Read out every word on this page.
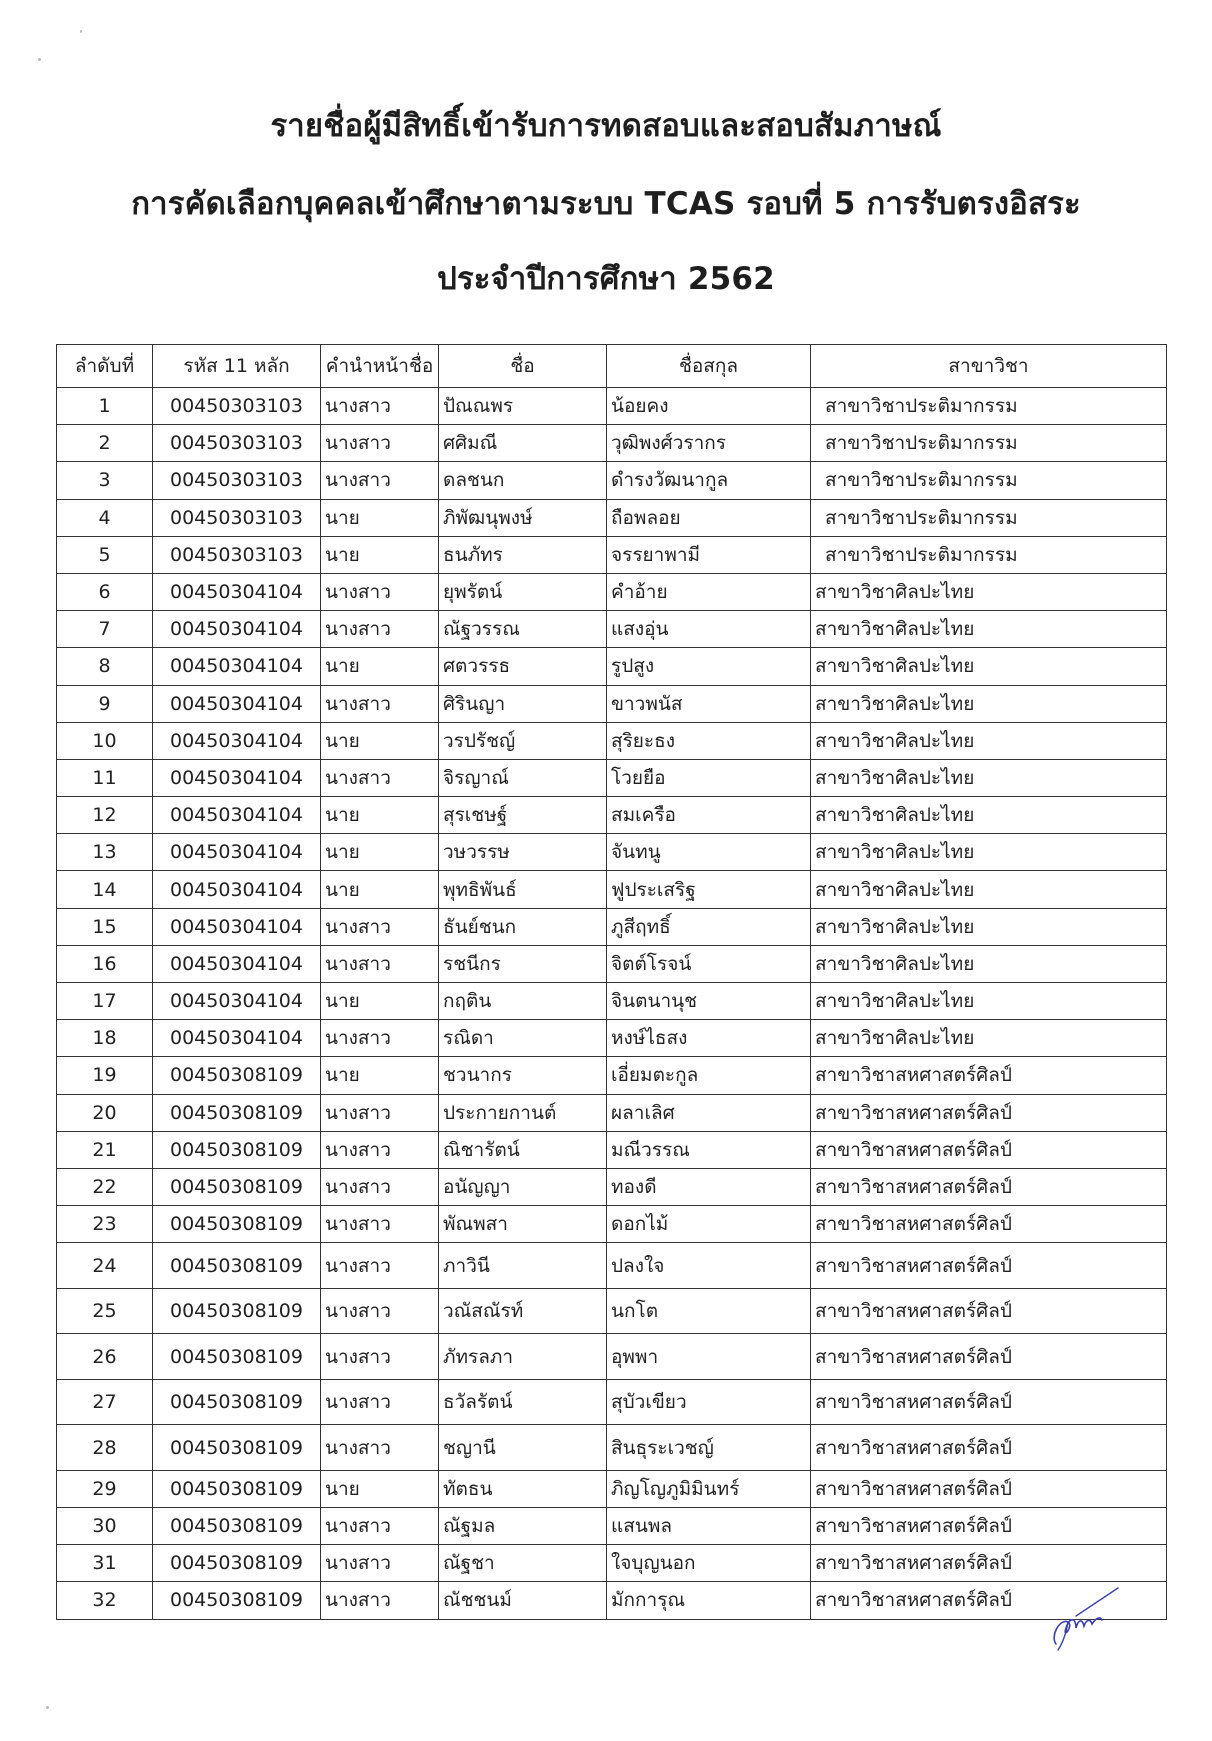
รายชื่อผู้มีสิทธิ์เข้ารับการทดสอบและสอบสัมภาษณ์
การคัดเลือกบุคคลเข้าศึกษาตามระบบ TCAS รอบที่ 5 การรับตรงอิสระ
ประจำปีการศึกษา 2562
ลำดับที่	รหัส 11 หลัก	คำนำหน้าชื่อ	ชื่อ	ชื่อสกุล	สาขาวิชา
1	00450303103	นางสาว	ปัณณพร	น้อยคง	สาขาวิชาประติมากรรม
2	00450303103	นางสาว	ศศิมณี	วุฒิพงศ์วรากร	สาขาวิชาประติมากรรม
3	00450303103	นางสาว	ดลชนก	ดำรงวัฒนากูล	สาขาวิชาประติมากรรม
4	00450303103	นาย	ภิพัฒนุพงษ์	ถือพลอย	สาขาวิชาประติมากรรม
5	00450303103	นาย	ธนภัทร	จรรยาพามี	สาขาวิชาประติมากรรม
6	00450304104	นางสาว	ยุพรัตน์	คำอ้าย	สาขาวิชาศิลปะไทย
7	00450304104	นางสาว	ณัฐวรรณ	แสงอุ่น	สาขาวิชาศิลปะไทย
8	00450304104	นาย	ศตวรรธ	รูปสูง	สาขาวิชาศิลปะไทย
9	00450304104	นางสาว	ศิรินญา	ขาวพนัส	สาขาวิชาศิลปะไทย
10	00450304104	นาย	วรปรัชญ์	สุริยะธง	สาขาวิชาศิลปะไทย
11	00450304104	นางสาว	จิรญาณ์	โวยยือ	สาขาวิชาศิลปะไทย
12	00450304104	นาย	สุรเชษฐ์	สมเครือ	สาขาวิชาศิลปะไทย
13	00450304104	นาย	วษวรรษ	จันทนู	สาขาวิชาศิลปะไทย
14	00450304104	นาย	พุทธิพันธ์	ฟูประเสริฐ	สาขาวิชาศิลปะไทย
15	00450304104	นางสาว	ธันย์ชนก	ภูสีฤทธิ์	สาขาวิชาศิลปะไทย
16	00450304104	นางสาว	รชนีกร	จิตต์โรจน์	สาขาวิชาศิลปะไทย
17	00450304104	นาย	กฤติน	จินตนานุช	สาขาวิชาศิลปะไทย
18	00450304104	นางสาว	รณิดา	หงษ์ไธสง	สาขาวิชาศิลปะไทย
19	00450308109	นาย	ชวนากร	เอี่ยมตะกูล	สาขาวิชาสหศาสตร์ศิลป์
20	00450308109	นางสาว	ประกายกานต์	ผลาเลิศ	สาขาวิชาสหศาสตร์ศิลป์
21	00450308109	นางสาว	ณิชารัตน์	มณีวรรณ	สาขาวิชาสหศาสตร์ศิลป์
22	00450308109	นางสาว	อนัญญา	ทองดี	สาขาวิชาสหศาสตร์ศิลป์
23	00450308109	นางสาว	พัณพสา	ดอกไม้	สาขาวิชาสหศาสตร์ศิลป์
24	00450308109	นางสาว	ภาวินี	ปลงใจ	สาขาวิชาสหศาสตร์ศิลป์
25	00450308109	นางสาว	วณัสณัรท์	นกโต	สาขาวิชาสหศาสตร์ศิลป์
26	00450308109	นางสาว	ภัทรลภา	อุพพา	สาขาวิชาสหศาสตร์ศิลป์
27	00450308109	นางสาว	ธวัลรัตน์	สุบัวเขียว	สาขาวิชาสหศาสตร์ศิลป์
28	00450308109	นางสาว	ชญานี	สินธุระเวชญ์	สาขาวิชาสหศาสตร์ศิลป์
29	00450308109	นาย	ทัตธน	ภิญโญภูมิมินทร์	สาขาวิชาสหศาสตร์ศิลป์
30	00450308109	นางสาว	ณัฐมล	แสนพล	สาขาวิชาสหศาสตร์ศิลป์
31	00450308109	นางสาว	ณัฐชา	ใจบุญนอก	สาขาวิชาสหศาสตร์ศิลป์
32	00450308109	นางสาว	ณัชชนม์	มักการุณ	สาขาวิชาสหศาสตร์ศิลป์
